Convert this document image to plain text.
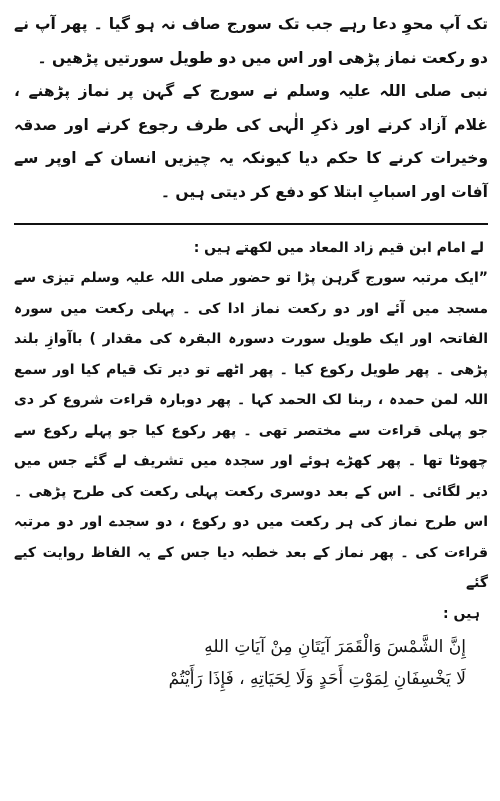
تک آپ محوِ دعا رہے جب تک سورج صاف نہ ہو گیا ۔ پھر آپ نے دو رکعت نماز پڑھی اور اس میں دو طویل سورتیں پڑھیں ۔

نبی صلی اللہ علیہ وسلم نے سورج کے گہن پر نماز پڑھنے ، غلام آزاد کرنے اور ذکرِ الٰہی کی طرف رجوع کرنے اور صدقہ وخیرات کرنے کا حکم دیا کیونکہ یہ چیزیں انسان کے اوپر سے آفات اور اسبابِ ابتلا کو دفع کر دیتی ہیں ۔

لے امام ابن قیم زاد المعاد میں لکھتے ہیں :

”ایک مرتبہ سورج گرہن پڑا تو حضور صلی اللہ علیہ وسلم تیزی سے مسجد میں آئے اور دو رکعت نماز ادا کی ۔ پہلی رکعت میں سورہ الفاتحہ اور ایک طویل سورت دسورہ البقرہ کی مقدار ) باآوازِ بلند پڑھی ۔ پھر طویل رکوع کیا ۔ پھر اٹھے تو دیر تک قیام کیا اور سمع اللہ لمن حمدہ ، ربنا لک الحمد کہا ۔ پھر دوبارہ قراءت شروع کر دی جو پہلی قراءت سے مختصر تھی ۔ پھر رکوع کیا جو پہلے رکوع سے چھوٹا تھا ۔ پھر کھڑے ہوئے اور سجدہ میں تشریف لے گئے جس میں دیر لگائی ۔ اس کے بعد دوسری رکعت پہلی رکعت کی طرح پڑھی ۔ اس طرح نماز کی ہر رکعت میں دو رکوع ، دو سجدے اور دو مرتبہ قراءت کی ۔ پھر نماز کے بعد خطبہ دیا جس کے یہ الفاظ روایت کیے گئے

ہیں :

إِنَّ الشَّمْسَ وَالْقَمَرَ آيَتَانِ مِنْ آيَاتِ اللهِ

لَا يَخْسِفَانِ لِمَوْتِ أَحَدٍ وَلَا لِحَيَاتِهِ ، فَإِذَا رَأَيْتُمْ
